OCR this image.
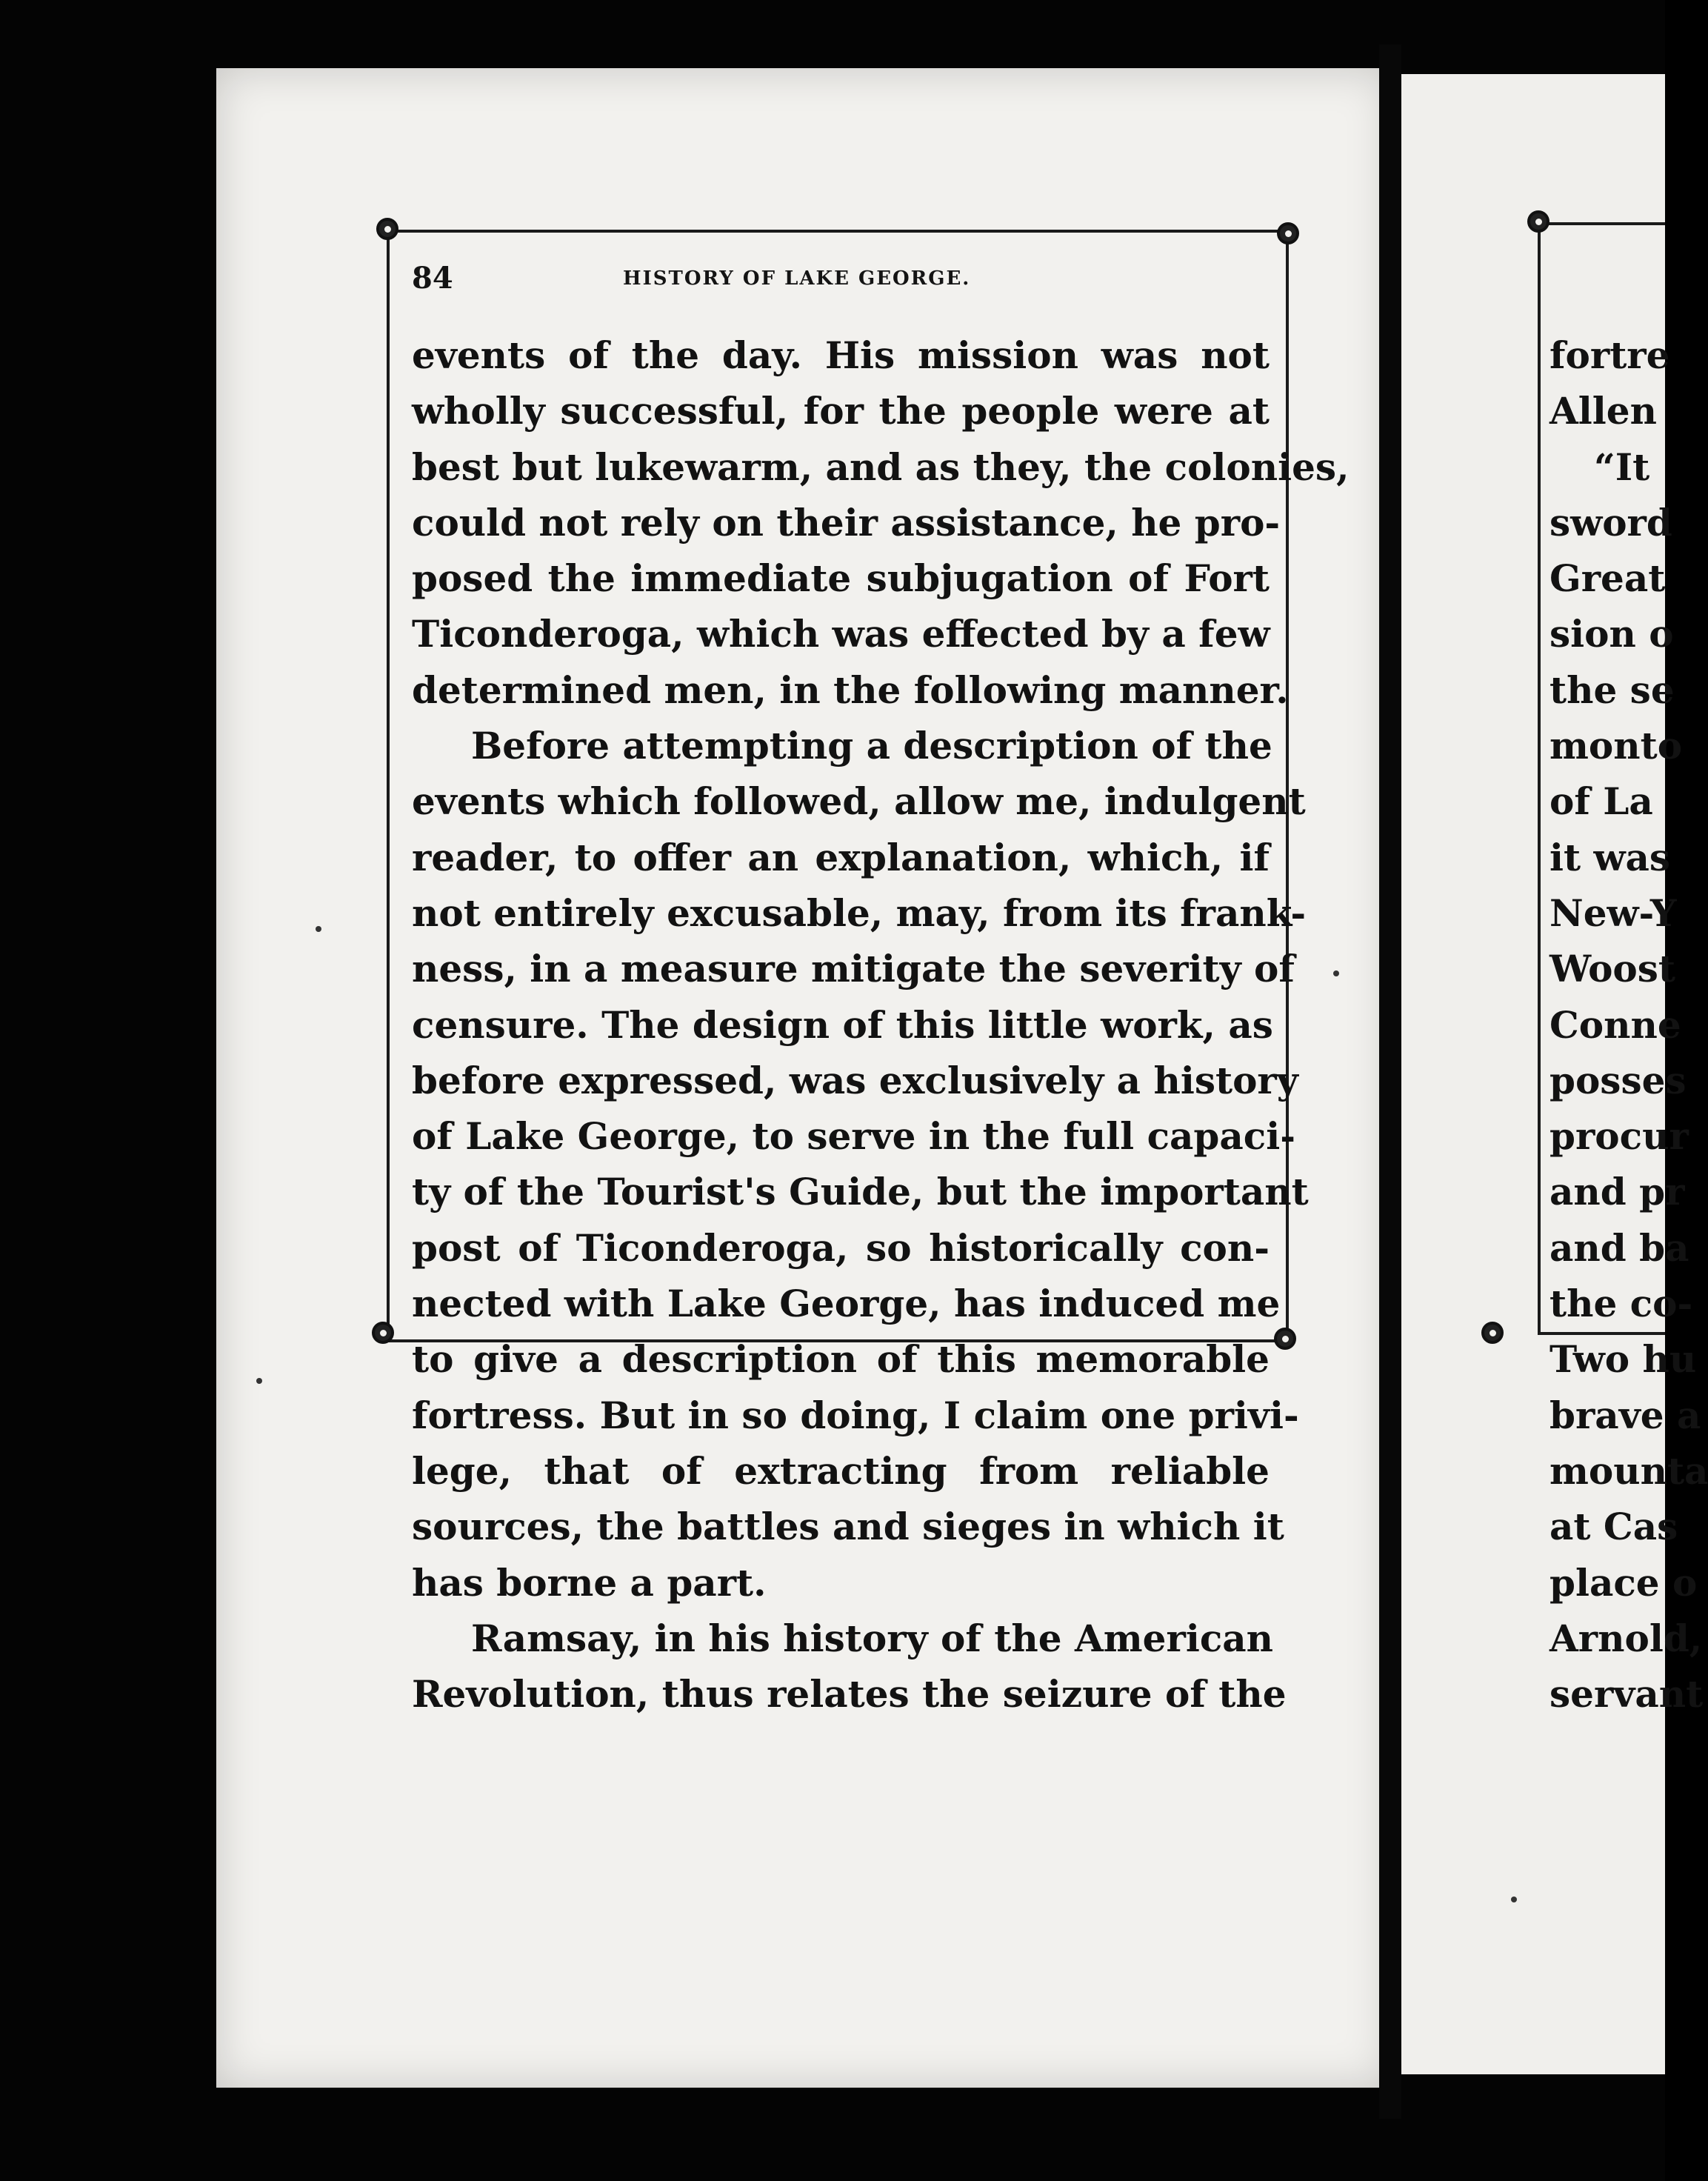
84	HISTORY OF LAKE GEORGE.
events of the day. His mission was not
wholly successful, for the people were at
best but lukewarm, and as they, the colonies,
could not rely on their assistance, he pro-
posed the immediate subjugation of Fort
Ticonderoga, which was effected by a few
determined men, in the following manner.
Before attempting a description of the
events which followed, allow me, indulgent
reader, to offer an explanation, which, if
not entirely excusable, may, from its frank-
ness, in a measure mitigate the severity of
censure. The design of this little work, as
before expressed, was exclusively a history
of Lake George, to serve in the full capaci-
ty of the Tourist's Guide, but the important
post of Ticonderoga, so historically con-
nected with Lake George, has induced me
to give a description of this memorable
fortress. But in so doing, I claim one privi-
lege, that of extracting from reliable
sources, the battles and sieges in which it
has borne a part.
Ramsay, in his history of the American
Revolution, thus relates the seizure of the
fortre
Allen
“It
sword
Great
sion o
the se
monto
of La
it was
New-Y
Woost
Conne
posses
procur
and pr
and ba
the co-
Two hu
brave a
mounta
at Cas
place o
Arnold,
servant
